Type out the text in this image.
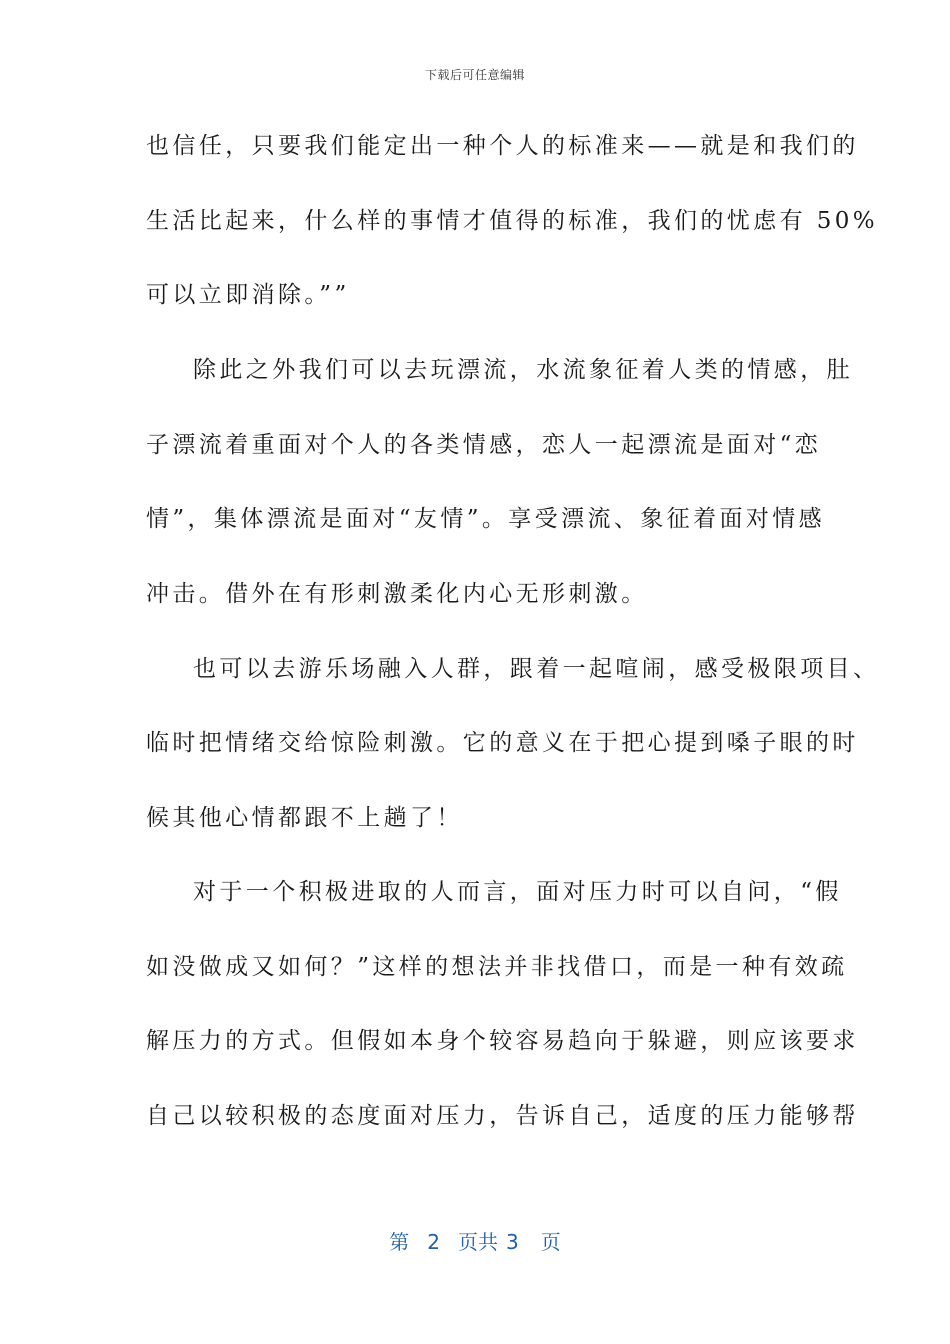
下载后可任意编辑
也信任，只要我们能定出一种个人的标准来——就是和我们的
生活比起来，什么样的事情才值得的标准，我们的忧虑有 50%
可以立即消除。””
除此之外我们可以去玩漂流，水流象征着人类的情感，肚
子漂流着重面对个人的各类情感，恋人一起漂流是面对“恋
情”，集体漂流是面对“友情”。享受漂流、象征着面对情感
冲击。借外在有形刺激柔化内心无形刺激。
也可以去游乐场融入人群，跟着一起喧闹，感受极限项目、
临时把情绪交给惊险刺激。它的意义在于把心提到嗓子眼的时
候其他心情都跟不上趟了！
对于一个积极进取的人而言，面对压力时可以自问，“假
如没做成又如何？”这样的想法并非找借口，而是一种有效疏
解压力的方式。但假如本身个较容易趋向于躲避，则应该要求
自己以较积极的态度面对压力，告诉自己，适度的压力能够帮
第 2 页共 3 页
